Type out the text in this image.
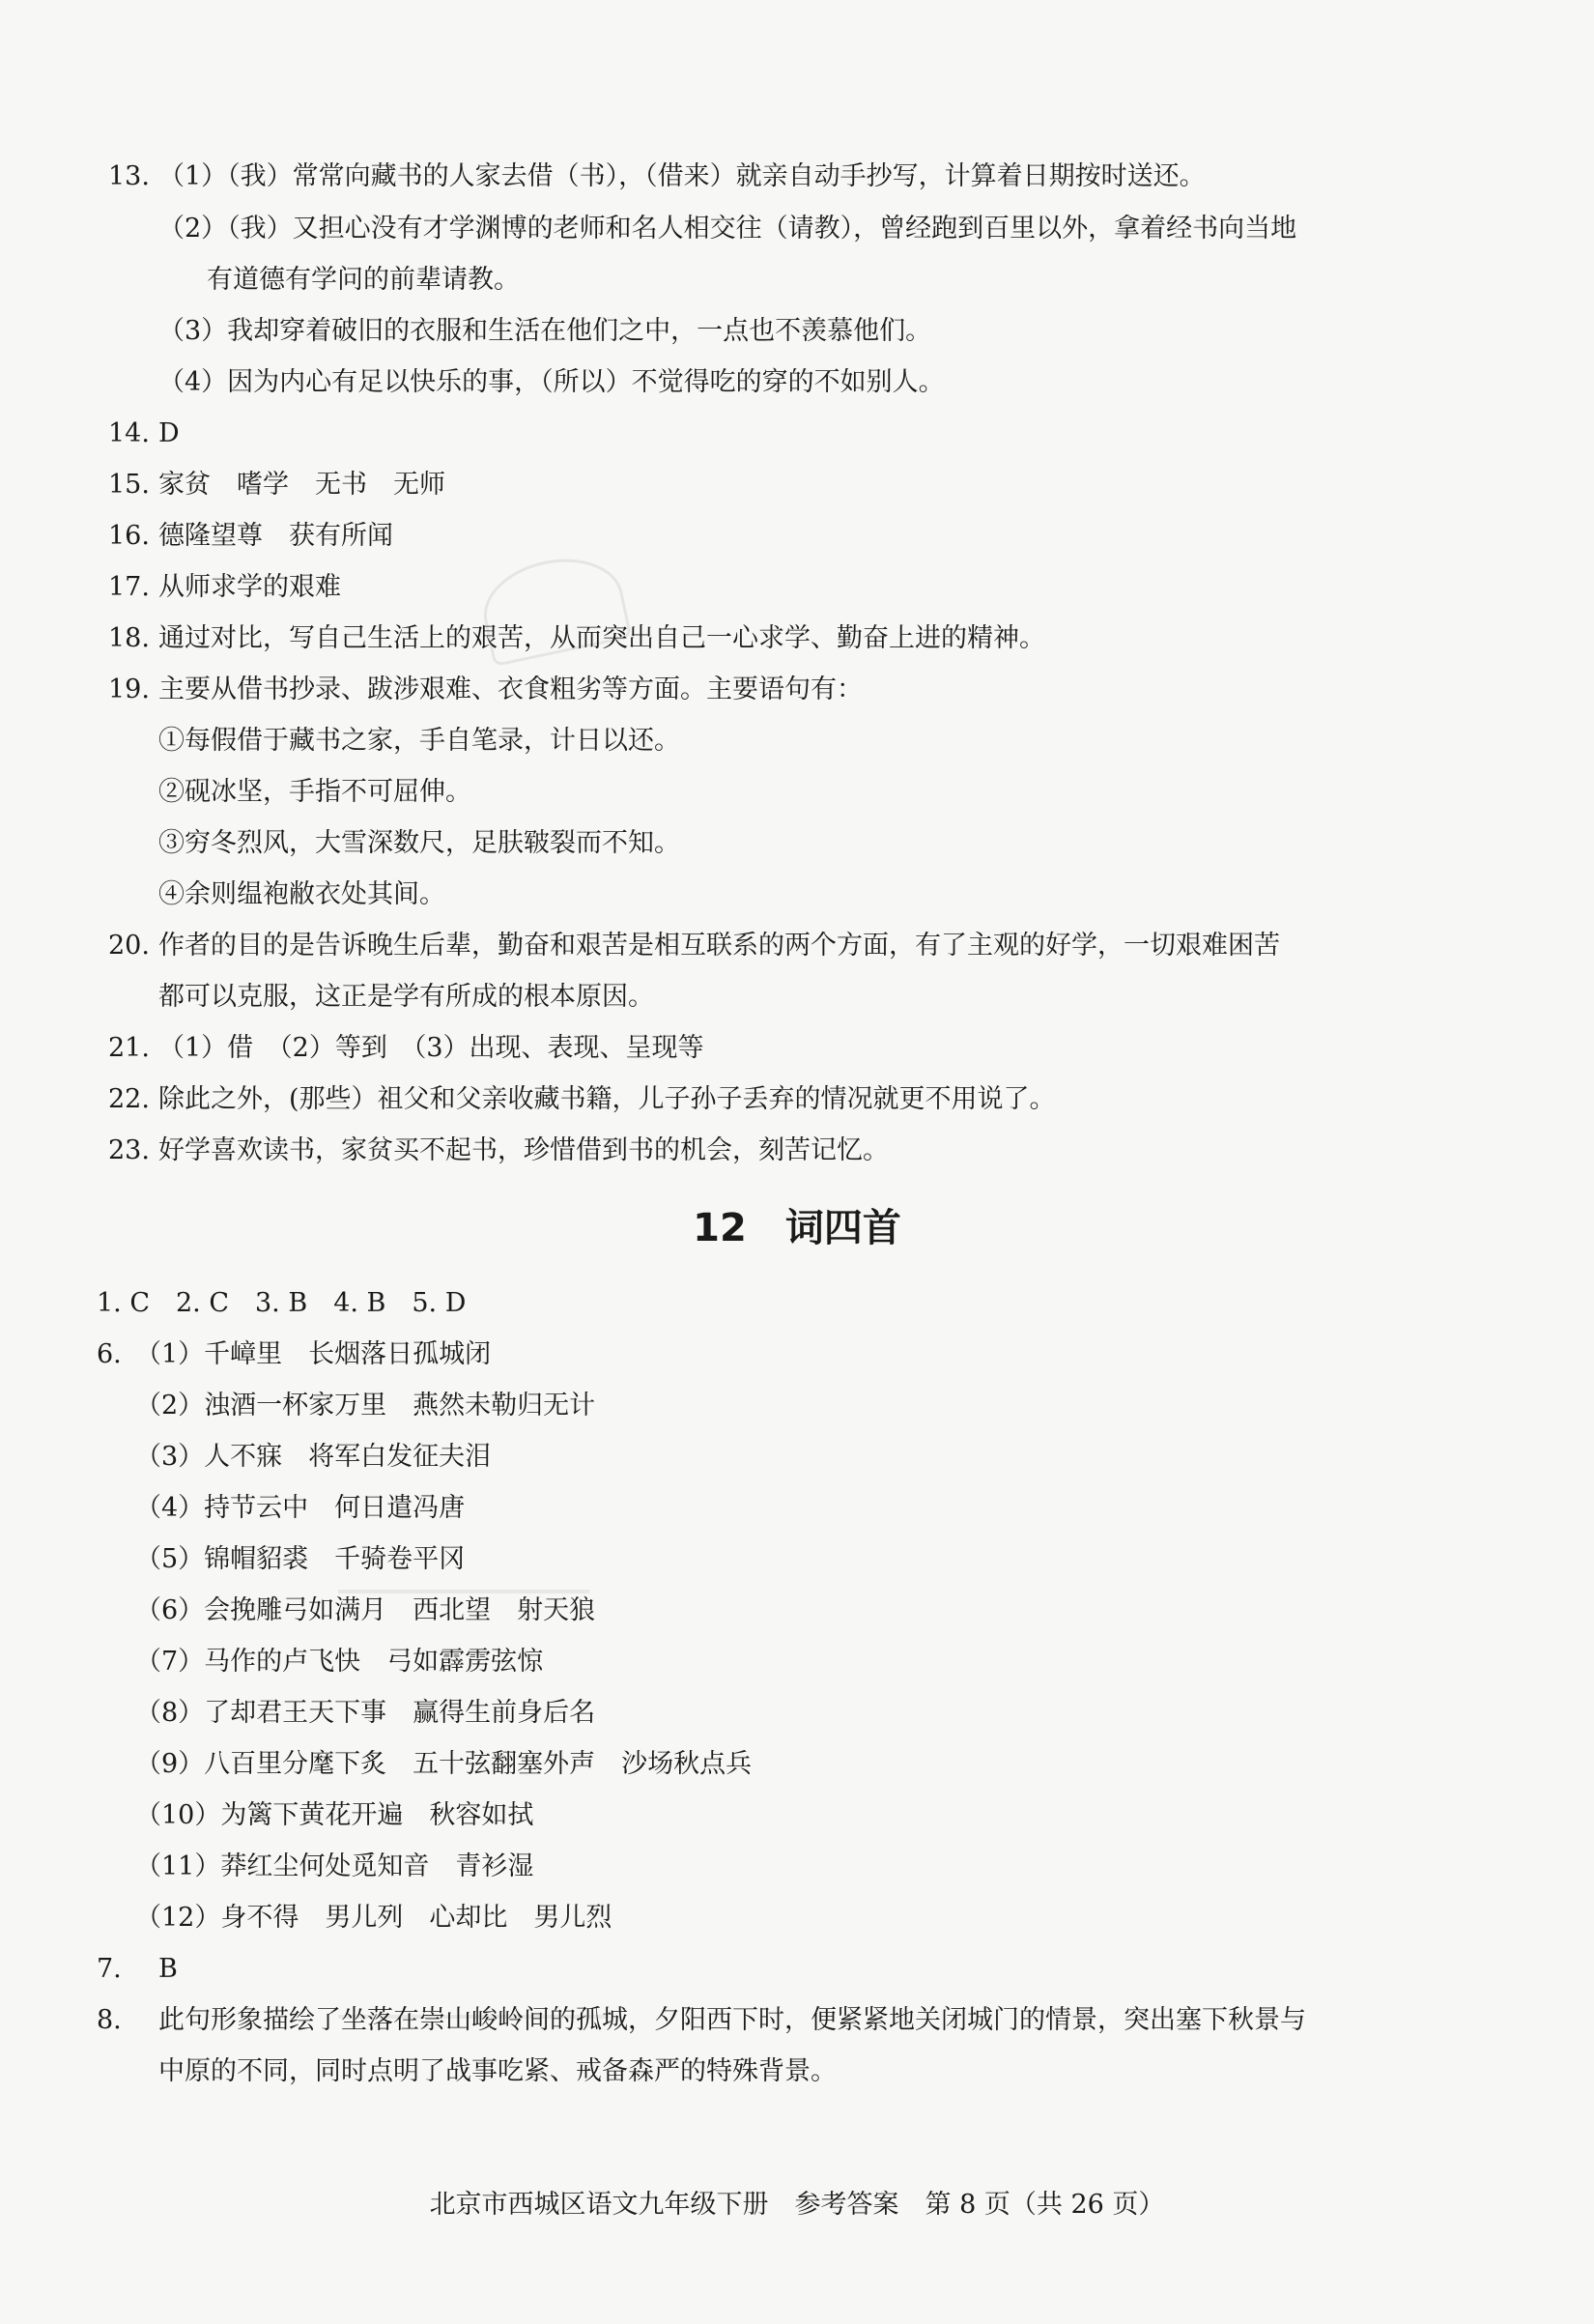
13. （1）（我）常常向藏书的人家去借（书），（借来）就亲自动手抄写，计算着日期按时送还。
（2）（我）又担心没有才学渊博的老师和名人相交往（请教），曾经跑到百里以外，拿着经书向当地
有道德有学问的前辈请教。
（3）我却穿着破旧的衣服和生活在他们之中，一点也不羡慕他们。
（4）因为内心有足以快乐的事，（所以）不觉得吃的穿的不如别人。
14. D
15. 家贫　嗜学　无书　无师
16. 德隆望尊　获有所闻
17. 从师求学的艰难
18. 通过对比，写自己生活上的艰苦，从而突出自己一心求学、勤奋上进的精神。
19. 主要从借书抄录、跋涉艰难、衣食粗劣等方面。主要语句有：
①每假借于藏书之家，手自笔录，计日以还。
②砚冰坚，手指不可屈伸。
③穷冬烈风，大雪深数尺，足肤皲裂而不知。
④余则缊袍敝衣处其间。
20. 作者的目的是告诉晚生后辈，勤奋和艰苦是相互联系的两个方面，有了主观的好学，一切艰难困苦
都可以克服，这正是学有所成的根本原因。
21. （1）借　（2）等到　（3）出现、表现、呈现等
22. 除此之外，(那些）祖父和父亲收藏书籍，儿子孙子丢弃的情况就更不用说了。
23. 好学喜欢读书，家贫买不起书，珍惜借到书的机会，刻苦记忆。
12 词四首
1. C　2. C　3. B　4. B　5. D
6. （1）千嶂里　长烟落日孤城闭
（2）浊酒一杯家万里　燕然未勒归无计
（3）人不寐　将军白发征夫泪
（4）持节云中　何日遣冯唐
（5）锦帽貂裘　千骑卷平冈
（6）会挽雕弓如满月　西北望　射天狼
（7）马作的卢飞快　弓如霹雳弦惊
（8）了却君王天下事　赢得生前身后名
（9）八百里分麾下炙　五十弦翻塞外声　沙场秋点兵
（10）为篱下黄花开遍　秋容如拭
（11）莽红尘何处觅知音　青衫湿
（12）身不得　男儿列　心却比　男儿烈
7. B
8. 此句形象描绘了坐落在崇山峻岭间的孤城，夕阳西下时，便紧紧地关闭城门的情景，突出塞下秋景与
中原的不同，同时点明了战事吃紧、戒备森严的特殊背景。
北京市西城区语文九年级下册　参考答案　第 8 页（共 26 页）
